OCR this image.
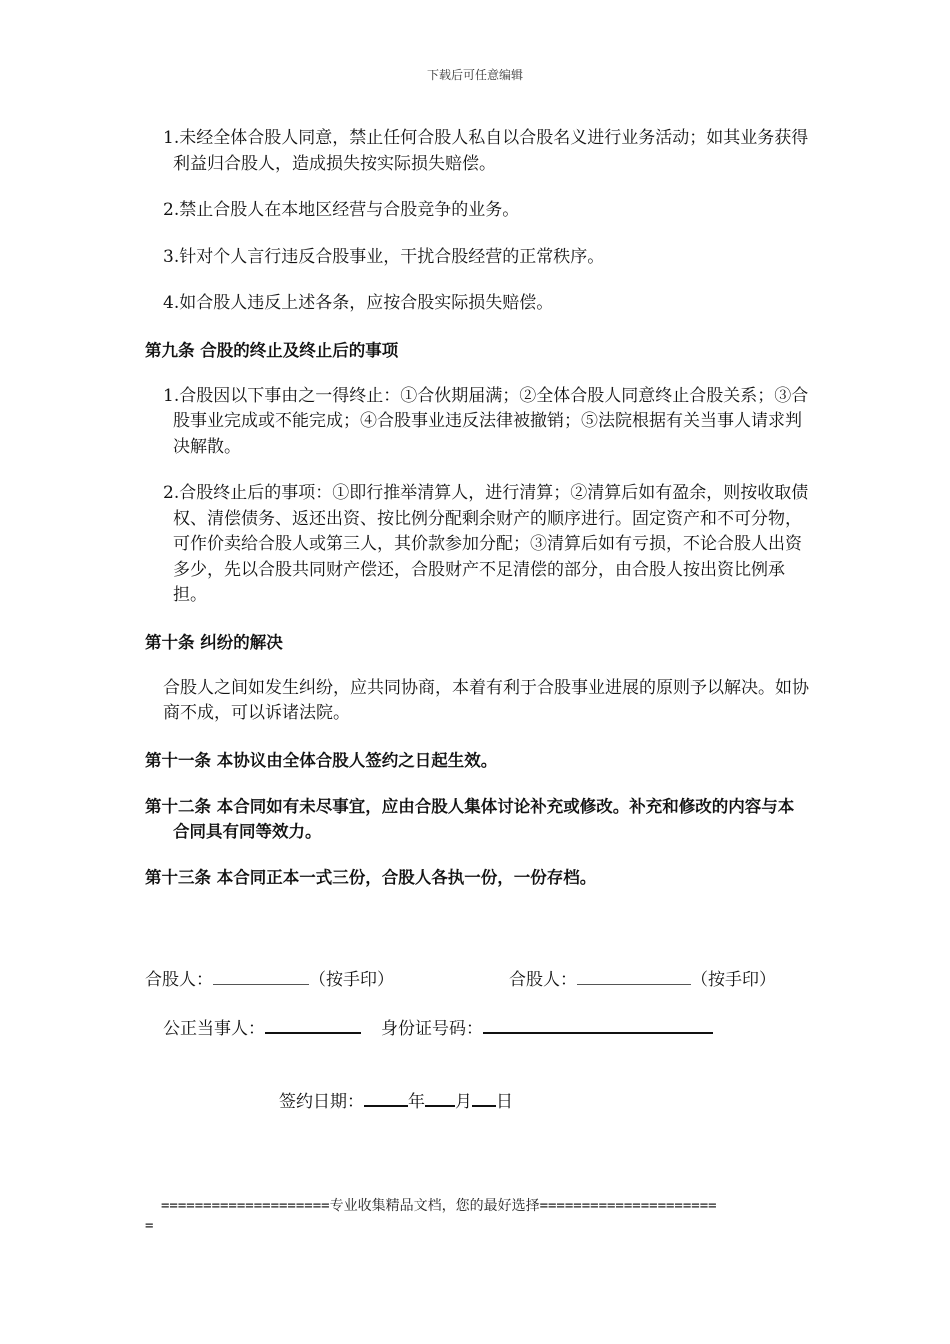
下载后可任意编辑
1.未经全体合股人同意，禁止任何合股人私自以合股名义进行业务活动；如其业务获得利益归合股人，造成损失按实际损失赔偿。
2.禁止合股人在本地区经营与合股竞争的业务。
3.针对个人言行违反合股事业，干扰合股经营的正常秩序。
4.如合股人违反上述各条，应按合股实际损失赔偿。
第九条 合股的终止及终止后的事项
1.合股因以下事由之一得终止：①合伙期届满；②全体合股人同意终止合股关系；③合股事业完成或不能完成；④合股事业违反法律被撤销；⑤法院根据有关当事人请求判决解散。
2.合股终止后的事项：①即行推举清算人，进行清算；②清算后如有盈余，则按收取债权、清偿债务、返还出资、按比例分配剩余财产的顺序进行。固定资产和不可分物，可作价卖给合股人或第三人，其价款参加分配；③清算后如有亏损，不论合股人出资多少，先以合股共同财产偿还，合股财产不足清偿的部分，由合股人按出资比例承担。
第十条 纠纷的解决
合股人之间如发生纠纷，应共同协商，本着有利于合股事业进展的原则予以解决。如协商不成，可以诉诸法院。
第十一条 本协议由全体合股人签约之日起生效。
第十二条 本合同如有未尽事宜，应由合股人集体讨论补充或修改。补充和修改的内容与本合同具有同等效力。
第十三条 本合同正本一式三份，合股人各执一份，一份存档。
合股人：	（按手印）	合股人：	（按手印）
公正当事人：	身份证号码：
签约日期：	年 月 日
====================专业收集精品文档，您的最好选择=====================
=
